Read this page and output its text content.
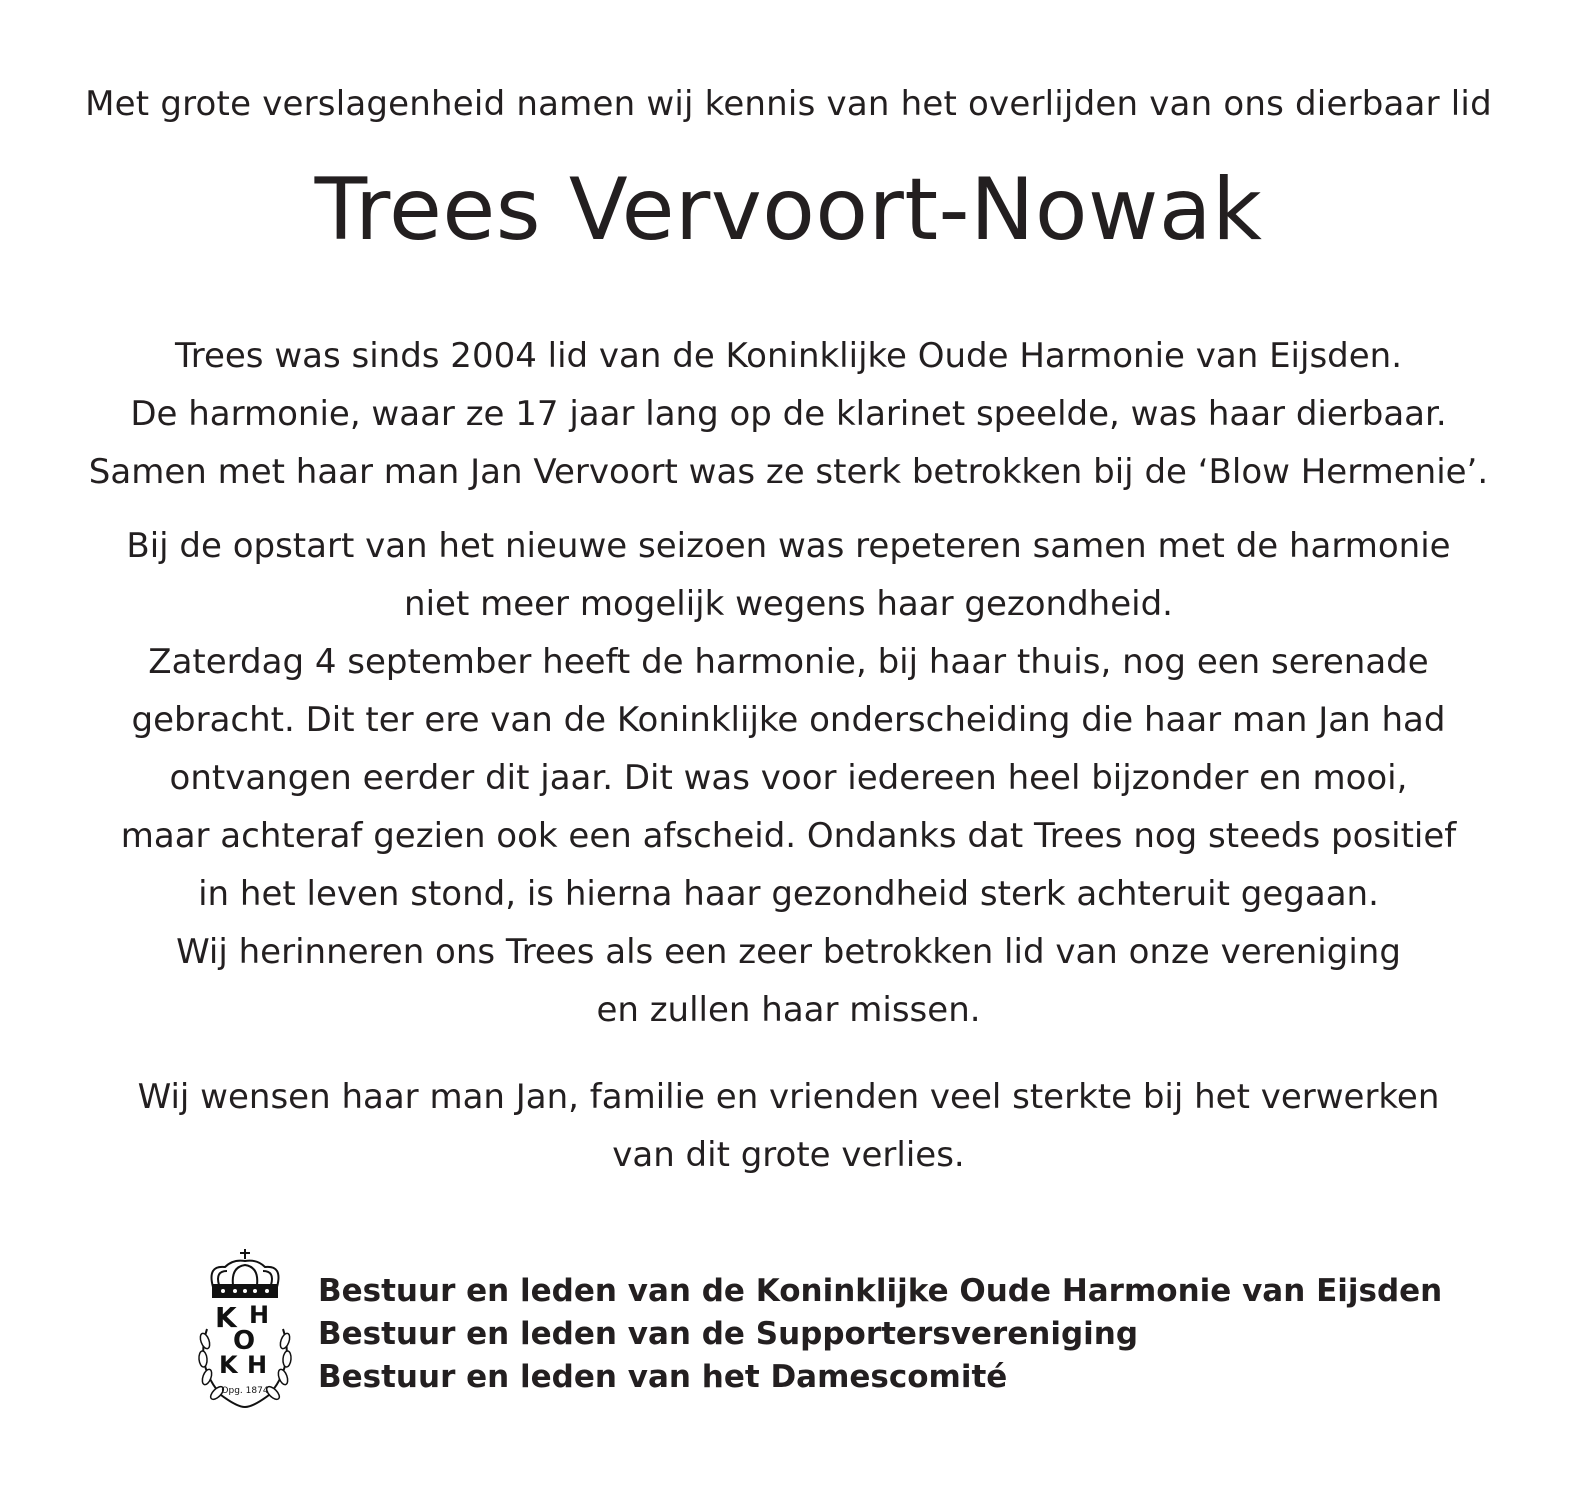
Met grote verslagenheid namen wij kennis van het overlijden van ons dierbaar lid
Trees Vervoort-Nowak
Trees was sinds 2004 lid van de Koninklijke Oude Harmonie van Eijsden.
De harmonie, waar ze 17 jaar lang op de klarinet speelde, was haar dierbaar.
Samen met haar man Jan Vervoort was ze sterk betrokken bij de ‘Blow Hermenie’.
Bij de opstart van het nieuwe seizoen was repeteren samen met de harmonie
niet meer mogelijk wegens haar gezondheid.
Zaterdag 4 september heeft de harmonie, bij haar thuis, nog een serenade
gebracht. Dit ter ere van de Koninklijke onderscheiding die haar man Jan had
ontvangen eerder dit jaar. Dit was voor iedereen heel bijzonder en mooi,
maar achteraf gezien ook een afscheid. Ondanks dat Trees nog steeds positief
in het leven stond, is hierna haar gezondheid sterk achteruit gegaan.
Wij herinneren ons Trees als een zeer betrokken lid van onze vereniging
en zullen haar missen.
Wij wensen haar man Jan, familie en vrienden veel sterkte bij het verwerken
van dit grote verlies.
K H
O
K H
Opg. 1874
Bestuur en leden van de Koninklijke Oude Harmonie van Eijsden
Bestuur en leden van de Supportersvereniging
Bestuur en leden van het Damescomité
